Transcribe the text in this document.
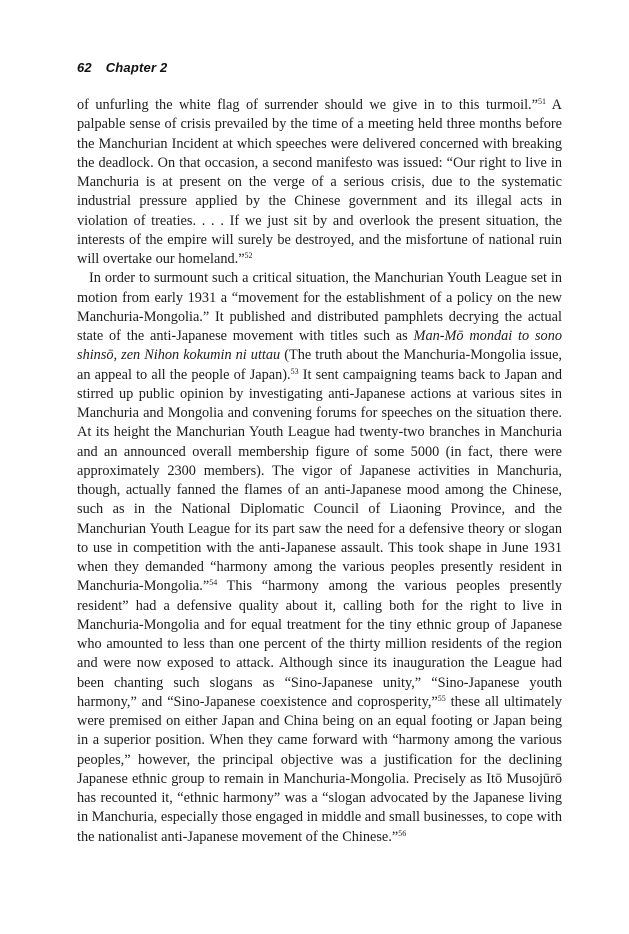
62 Chapter 2

of unfurling the white flag of surrender should we give in to this turmoil.”$^{51}$ A palpable sense of crisis prevailed by the time of a meeting held three months before the Manchurian Incident at which speeches were delivered concerned with breaking the deadlock. On that occasion, a second manifesto was issued: “Our right to live in Manchuria is at present on the verge of a serious crisis, due to the systematic industrial pressure applied by the Chinese government and its illegal acts in violation of treaties. . . . If we just sit by and overlook the present situation, the interests of the empire will surely be destroyed, and the misfortune of national ruin will overtake our homeland.”$^{52}$

In order to surmount such a critical situation, the Manchurian Youth League set in motion from early 1931 a “movement for the establishment of a policy on the new Manchuria-Mongolia.” It published and distributed pamphlets decrying the actual state of the anti-Japanese movement with titles such as Man-Mō mondai to sono shinsō, zen Nihon kokumin ni uttau (The truth about the Manchuria-Mongolia issue, an appeal to all the people of Japan).$^{53}$ It sent campaigning teams back to Japan and stirred up public opinion by investigating anti-Japanese actions at various sites in Manchuria and Mongolia and convening forums for speeches on the situation there. At its height the Manchurian Youth League had twenty-two branches in Manchuria and an announced overall membership figure of some 5000 (in fact, there were approximately 2300 members). The vigor of Japanese activities in Manchuria, though, actually fanned the flames of an anti-Japanese mood among the Chinese, such as in the National Diplomatic Council of Liaoning Province, and the Manchurian Youth League for its part saw the need for a defensive theory or slogan to use in competition with the anti-Japanese assault. This took shape in June 1931 when they demanded “harmony among the various peoples presently resident in Manchuria-Mongolia.”$^{54}$ This “harmony among the various peoples presently resident” had a defensive quality about it, calling both for the right to live in Manchuria-Mongolia and for equal treatment for the tiny ethnic group of Japanese who amounted to less than one percent of the thirty million residents of the region and were now exposed to attack. Although since its inauguration the League had been chanting such slogans as “Sino-Japanese unity,” “Sino-Japanese youth harmony,” and “Sino-Japanese coexistence and coprosperity,”$^{55}$ these all ultimately were premised on either Japan and China being on an equal footing or Japan being in a superior position. When they came forward with “harmony among the various peoples,” however, the principal objective was a justification for the declining Japanese ethnic group to remain in Manchuria-Mongolia. Precisely as Itō Musojūrō has recounted it, “ethnic harmony” was a “slogan advocated by the Japanese living in Manchuria, especially those engaged in middle and small businesses, to cope with the nationalist anti-Japanese movement of the Chinese.”$^{56}$
